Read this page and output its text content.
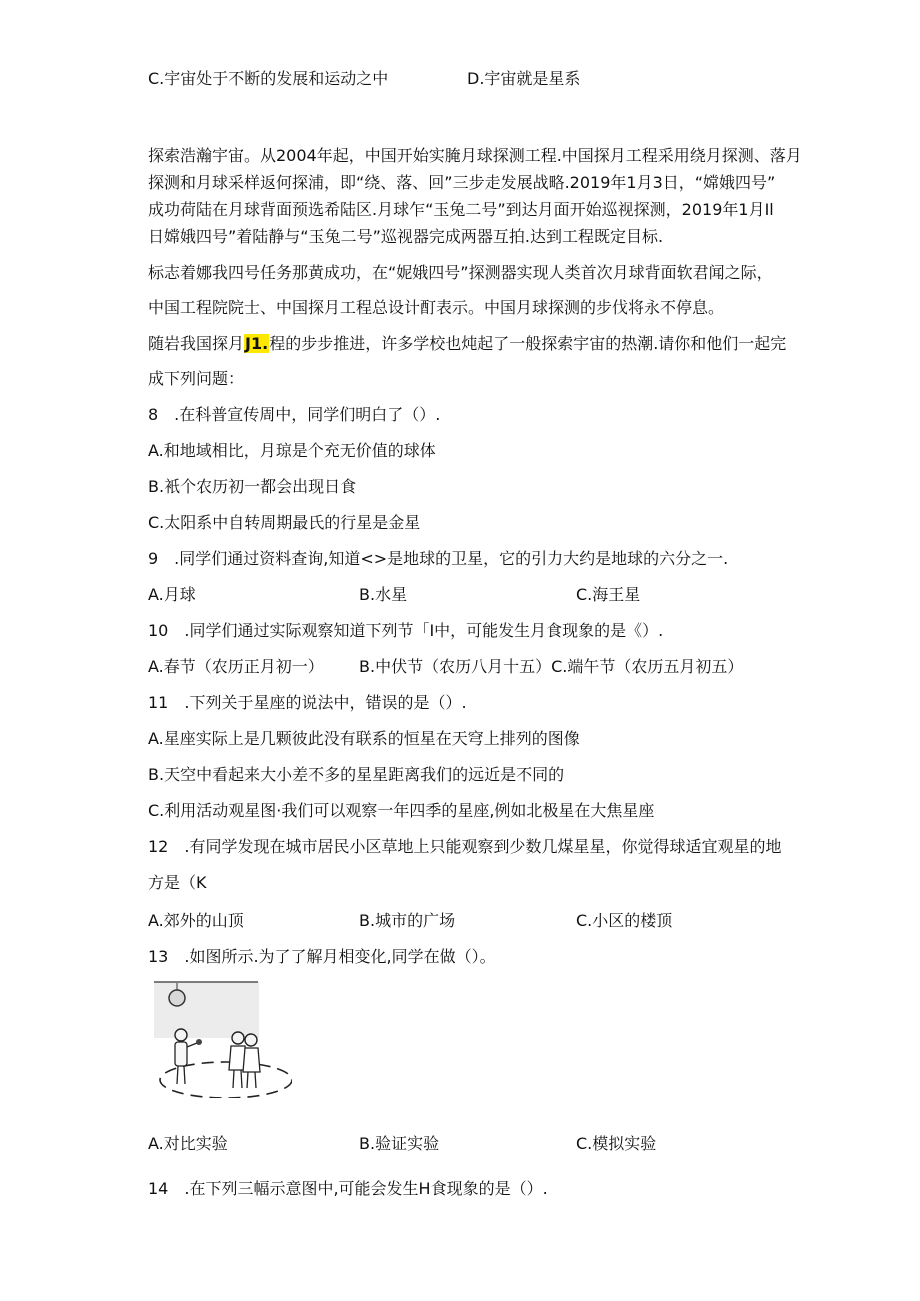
C.宇宙处于不断的发展和运动之中	D.宇宙就是星系
探索浩瀚宇宙。从2004年起，中国开始实腌月球探测工程.中国探月工程采用绕月探测、落月
探测和月球采样返何探浦，即“绕、落、回”三步走发展战略.2019年1月3日，“嫦娥四号”
成功荷陆在月球背面预选希陆区.月球乍“玉兔二号”到达月面开始巡视探测，2019年1月Il
日嫦娥四号”着陆静与“玉兔二号”巡视器完成两器互拍.达到工程既定目标.
标志着娜我四号任务那黄成功，在“妮娥四号”探测器实现人类首次月球背面软君闻之际，
中国工程院院士、中国探月工程总设计酊表示。中国月球探测的步伐将永不停息。
随岩我国探月J1.程的步步推进，许多学校也炖起了一般探索宇宙的热潮.请你和他们一起完
成下列问题：
8　.在科普宣传周中，同学们明白了（）.
A.和地域相比，月琼是个充无价值的球体
B.衹个农历初一都会出现日食
C.太阳系中自转周期最氏的行星是金星
9　.同学们通过资料查询,知道<>是地球的卫星，它的引力大约是地球的六分之一.
A.月球	B.水星	C.海王星
10　.同学们通过实际观察知道下列节「I中，可能发生月食现象的是《）.
A.春节（农历正月初一） B.中伏节（农历八月十五）C.端午节（农历五月初五）
11　.下列关于星座的说法中，错误的是（）.
A.星座实际上是几颗彼此没有联系的恒星在天穹上排列的图像
B.天空中看起来大小差不多的星星距离我们的远近是不同的
C.利用活动观星图·我们可以观察一年四季的星座,例如北极星在大焦星座
12　.有同学发现在城市居民小区草地上只能观察到少数几煤星星，你觉得球适宜观星的地
方是（K
A.郊外的山顶	B.城市的广场	C.小区的楼顶
13　.如图所示.为了了解月相变化,同学在做（）。
A.对比实验	B.验证实验	C.模拟实验
14　.在下列三幅示意图中,可能会发生H食现象的是（）.
